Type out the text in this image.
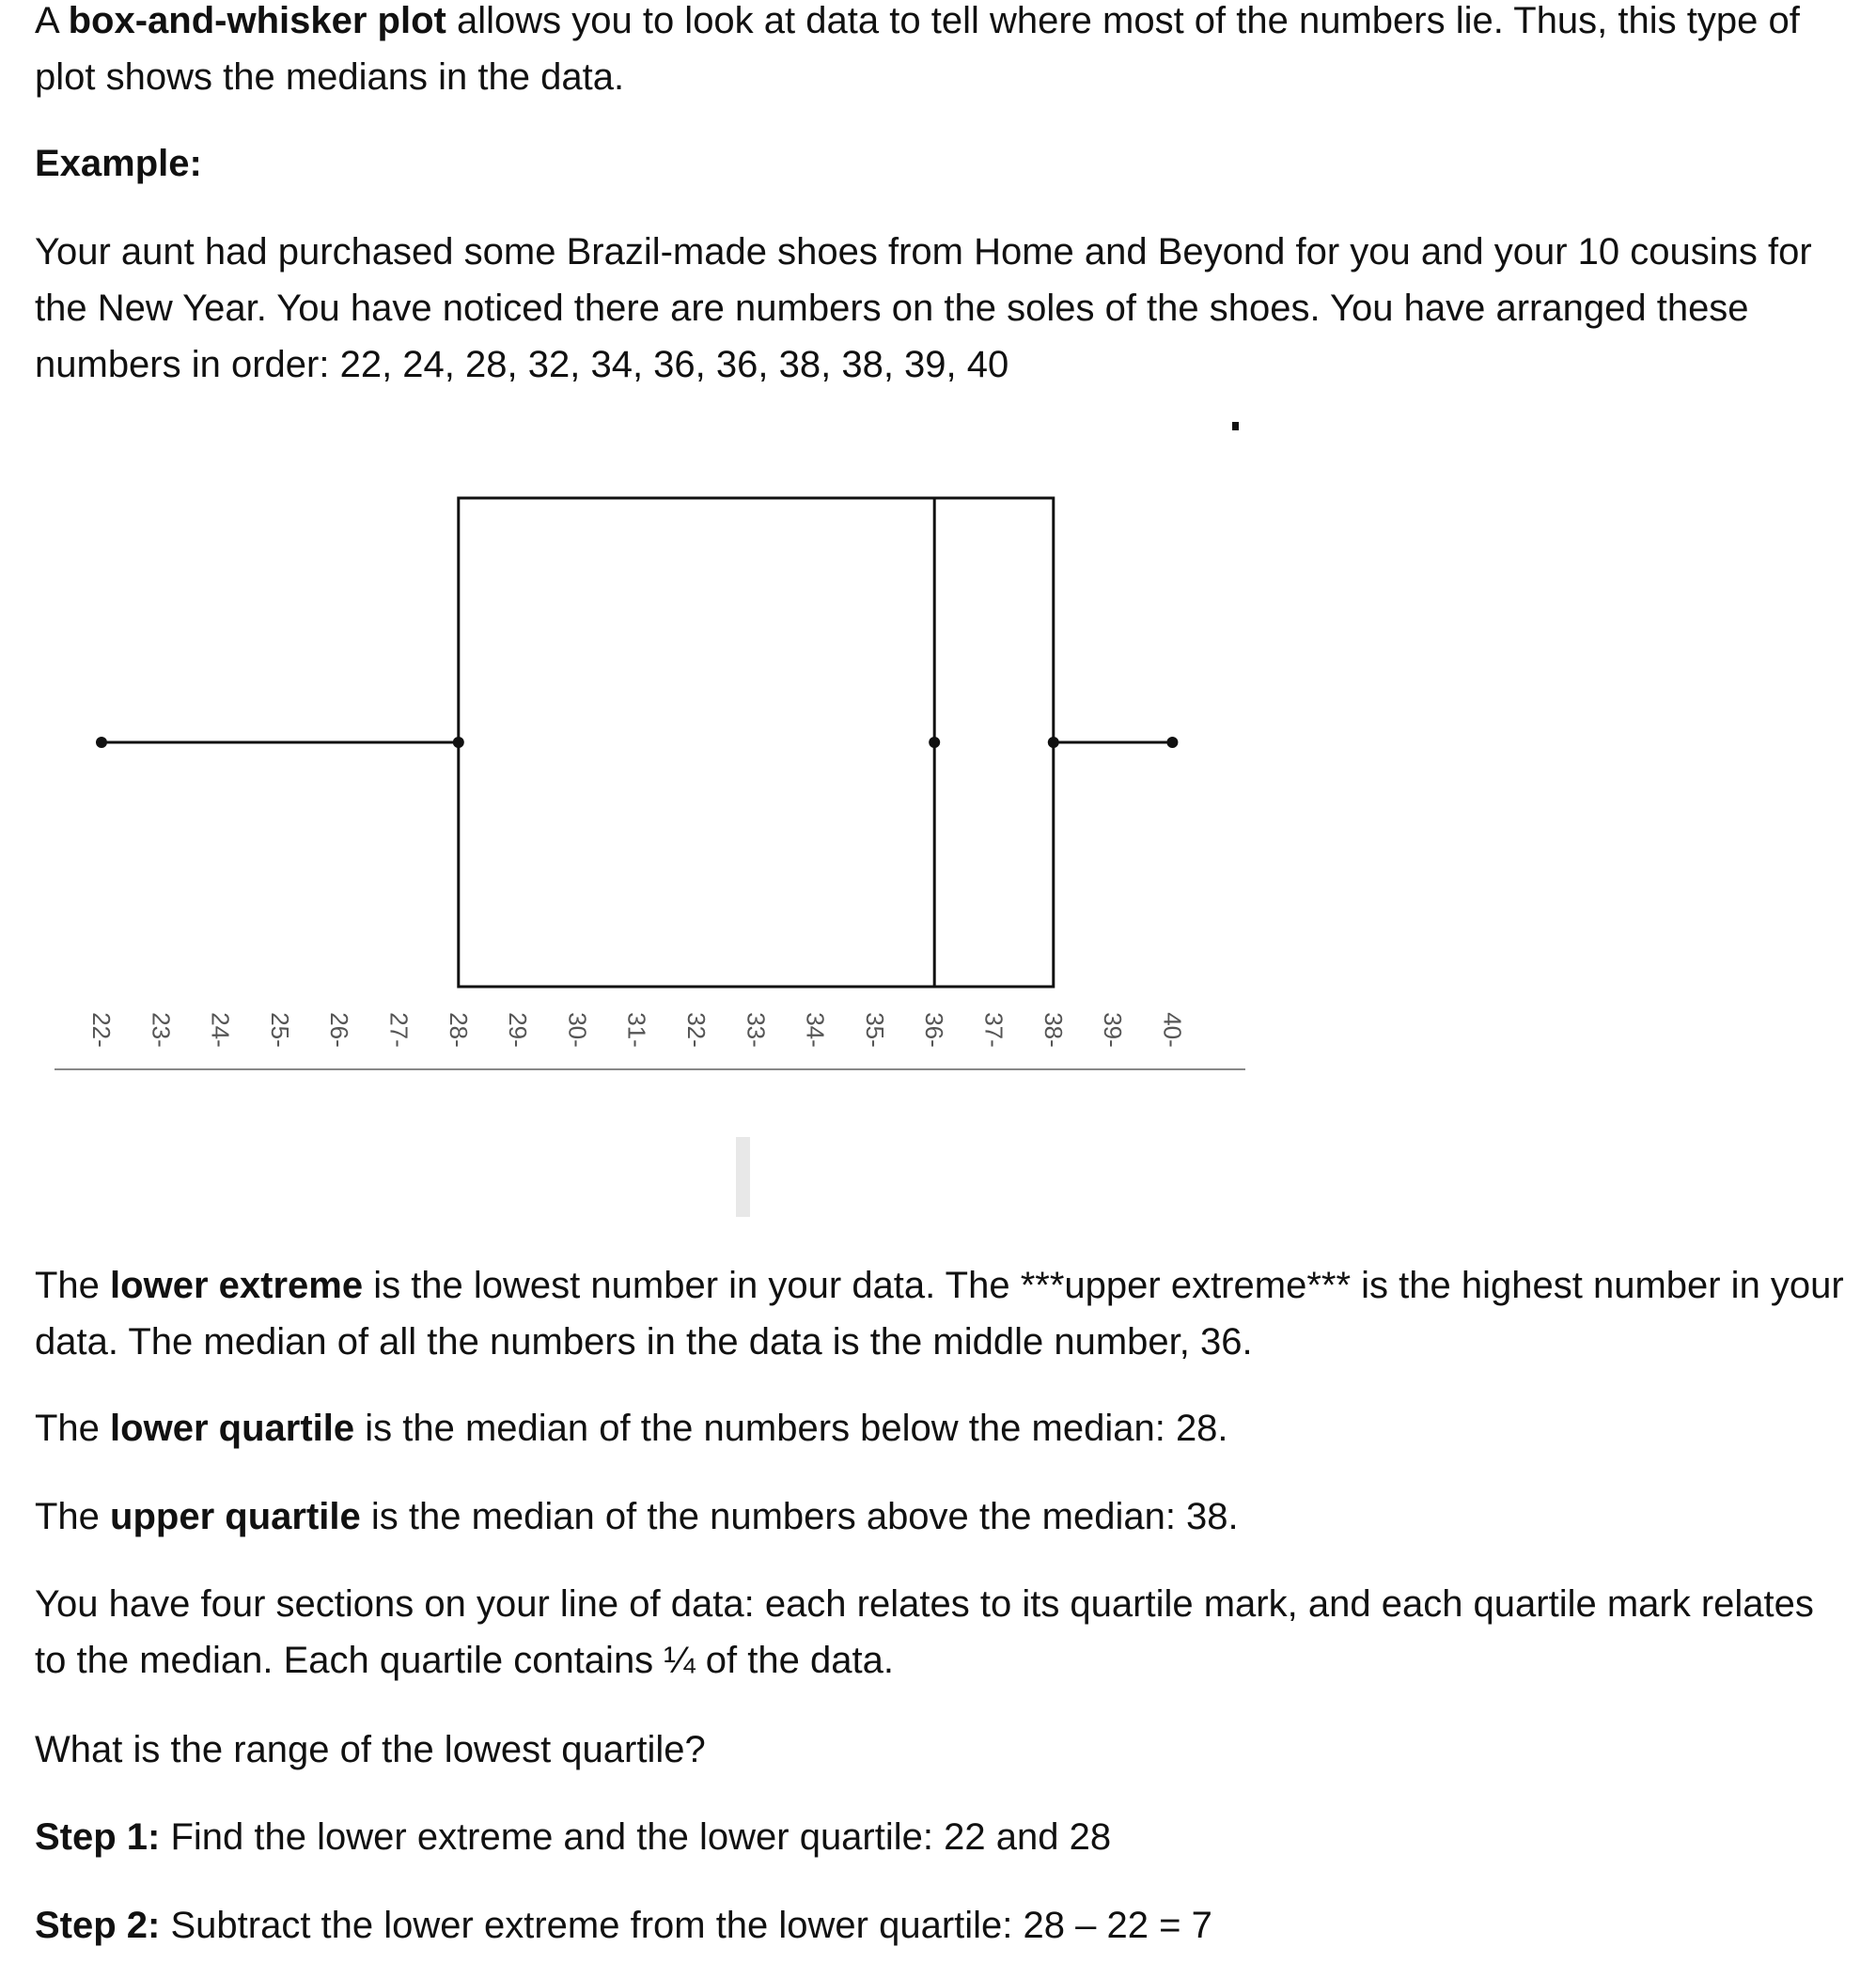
A box-and-whisker plot allows you to look at data to tell where most of the numbers lie. Thus, this type of plot shows the medians in the data.

Example:

Your aunt had purchased some Brazil-made shoes from Home and Beyond for you and your 10 cousins for the New Year. You have noticed there are numbers on the soles of the shoes. You have arranged these numbers in order: 22, 24, 28, 32, 34, 36, 36, 38, 38, 39, 40

22- 23- 24- 25- 26- 27- 28- 29- 30- 31- 32- 33- 34- 35- 36- 37- 38- 39- 40-

The lower extreme is the lowest number in your data. The ***upper extreme*** is the highest number in your data. The median of all the numbers in the data is the middle number, 36.

The lower quartile is the median of the numbers below the median: 28.

The upper quartile is the median of the numbers above the median: 38.

You have four sections on your line of data: each relates to its quartile mark, and each quartile mark relates to the median. Each quartile contains ¼ of the data.

What is the range of the lowest quartile?

Step 1: Find the lower extreme and the lower quartile: 22 and 28

Step 2: Subtract the lower extreme from the lower quartile: 28 – 22 = 7
